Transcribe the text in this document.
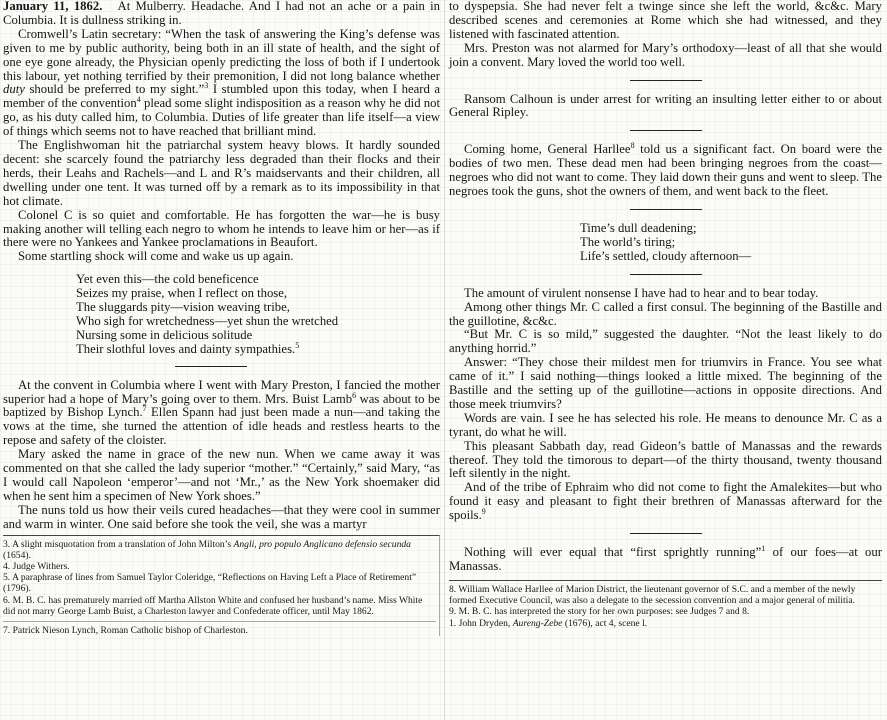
January 11, 1862. At Mulberry. Headache. And I had not an ache or a pain in Columbia. It is dullness striking in.

Cromwell’s Latin secretary: “When the task of answering the King’s defense was given to me by public authority, being both in an ill state of health, and the sight of one eye gone already, the Physician openly predicting the loss of both if I undertook this labour, yet nothing terrified by their premonition, I did not long balance whether duty should be preferred to my sight.”$^3$ I stumbled upon this today, when I heard a member of the convention$^4$ plead some slight indisposition as a reason why he did not go, as his duty called him, to Columbia. Duties of life greater than life itself—a view of things which seems not to have reached that brilliant mind.

The Englishwoman hit the patriarchal system heavy blows. It hardly sounded decent: she scarcely found the patriarchy less degraded than their flocks and their herds, their Leahs and Rachels—and L and R’s maidservants and their children, all dwelling under one tent. It was turned off by a remark as to its impossibility in that hot climate.

Colonel C is so quiet and comfortable. He has forgotten the war—he is busy making another will telling each negro to whom he intends to leave him or her—as if there were no Yankees and Yankee proclamations in Beaufort.

Some startling shock will come and wake us up again.

Yet even this—the cold beneficence
Seizes my praise, when I reflect on those,
The sluggards pity—vision weaving tribe,
Who sigh for wretchedness—yet shun the wretched
Nursing some in delicious solitude
Their slothful loves and dainty sympathies.$^5$

At the convent in Columbia where I went with Mary Preston, I fancied the mother superior had a hope of Mary’s going over to them. Mrs. Buist Lamb$^6$ was about to be baptized by Bishop Lynch.$^7$ Ellen Spann had just been made a nun—and taking the vows at the time, she turned the attention of idle heads and restless hearts to the repose and safety of the cloister.

Mary asked the name in grace of the new nun. When we came away it was commented on that she called the lady superior “mother.” “Certainly,” said Mary, “as I would call Napoleon ‘emperor’—and not ‘Mr.,’ as the New York shoemaker did when he sent him a specimen of New York shoes.”

The nuns told us how their veils cured headaches—that they were cool in summer and warm in winter. One said before she took the veil, she was a martyr

3. A slight misquotation from a translation of John Milton’s Angli, pro populo Anglicano defensio secunda (1654).
4. Judge Withers.
5. A paraphrase of lines from Samuel Taylor Coleridge, “Reflections on Having Left a Place of Retirement” (1796).
6. M. B. C. has prematurely married off Martha Allston White and confused her husband’s name. Miss White did not marry George Lamb Buist, a Charleston lawyer and Confederate officer, until May 1862.
7. Patrick Nieson Lynch, Roman Catholic bishop of Charleston.

to dyspepsia. She had never felt a twinge since she left the world, &c&c. Mary described scenes and ceremonies at Rome which she had witnessed, and they listened with fascinated attention.

Mrs. Preston was not alarmed for Mary’s orthodoxy—least of all that she would join a convent. Mary loved the world too well.

Ransom Calhoun is under arrest for writing an insulting letter either to or about General Ripley.

Coming home, General Harllee$^8$ told us a significant fact. On board were the bodies of two men. These dead men had been bringing negroes from the coast—negroes who did not want to come. They laid down their guns and went to sleep. The negroes took the guns, shot the owners of them, and went back to the fleet.

Time’s dull deadening;
The world’s tiring;
Life’s settled, cloudy afternoon—

The amount of virulent nonsense I have had to hear and to bear today.

Among other things Mr. C called a first consul. The beginning of the Bastille and the guillotine, &c&c.

“But Mr. C is so mild,” suggested the daughter. “Not the least likely to do anything horrid.”

Answer: “They chose their mildest men for triumvirs in France. You see what came of it.” I said nothing—things looked a little mixed. The beginning of the Bastille and the setting up of the guillotine—actions in opposite directions. And those meek triumvirs?

Words are vain. I see he has selected his role. He means to denounce Mr. C as a tyrant, do what he will.

This pleasant Sabbath day, read Gideon’s battle of Manassas and the rewards thereof. They told the timorous to depart—of the thirty thousand, twenty thousand left silently in the night.

And of the tribe of Ephraim who did not come to fight the Amalekites—but who found it easy and pleasant to fight their brethren of Manassas afterward for the spoils.$^9$

Nothing will ever equal that “first sprightly running”$^1$ of our foes—at our Manassas.

8. William Wallace Harllee of Marion District, the lieutenant governor of S.C. and a member of the newly formed Executive Council, was also a delegate to the secession convention and a major general of militia.
9. M. B. C. has interpreted the story for her own purposes: see Judges 7 and 8.
1. John Dryden, Aureng-Zebe (1676), act 4, scene l.
